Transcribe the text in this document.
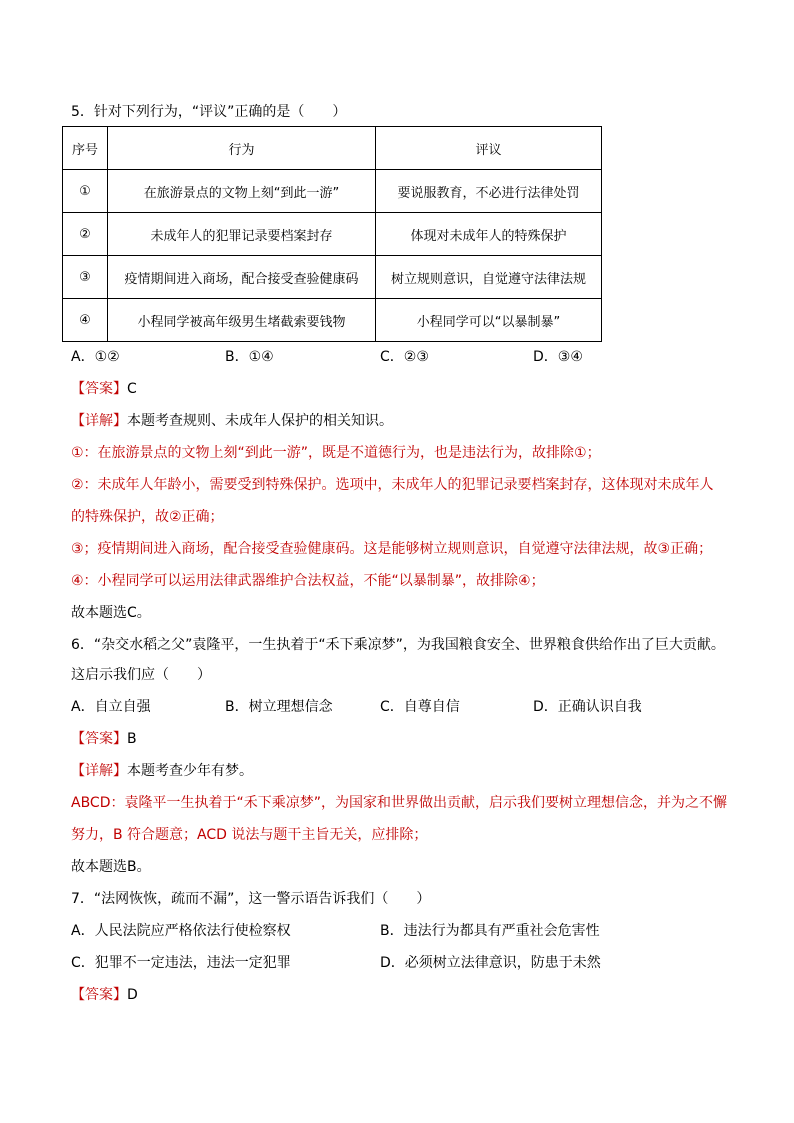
5．针对下列行为，“评议”正确的是（　　）
序号	行为	评议
①	在旅游景点的文物上刻“到此一游”	要说服教育，不必进行法律处罚
②	未成年人的犯罪记录要档案封存	体现对未成年人的特殊保护
③	疫情期间进入商场，配合接受查验健康码	树立规则意识，自觉遵守法律法规
④	小程同学被高年级男生堵截索要钱物	小程同学可以“以暴制暴”
A．①②	B．①④	C．②③	D．③④
【答案】C
【详解】本题考查规则、未成年人保护的相关知识。
①：在旅游景点的文物上刻“到此一游”，既是不道德行为，也是违法行为，故排除①；
②：未成年人年龄小，需要受到特殊保护。选项中，未成年人的犯罪记录要档案封存，这体现对未成年人
的特殊保护，故②正确；
③；疫情期间进入商场，配合接受查验健康码。这是能够树立规则意识，自觉遵守法律法规，故③正确；
④：小程同学可以运用法律武器维护合法权益，不能“以暴制暴”，故排除④；
故本题选C。
6．“杂交水稻之父”袁隆平，一生执着于“禾下乘凉梦”，为我国粮食安全、世界粮食供给作出了巨大贡献。
这启示我们应（　　）
A．自立自强	B．树立理想信念	C．自尊自信	D．正确认识自我
【答案】B
【详解】本题考查少年有梦。
ABCD：袁隆平一生执着于“禾下乘凉梦”，为国家和世界做出贡献，启示我们要树立理想信念，并为之不懈
努力，B 符合题意；ACD 说法与题干主旨无关，应排除；
故本题选B。
7．“法网恢恢，疏而不漏”，这一警示语告诉我们（　　）
A．人民法院应严格依法行使检察权	B．违法行为都具有严重社会危害性
C．犯罪不一定违法，违法一定犯罪	D．必须树立法律意识，防患于未然
【答案】D
